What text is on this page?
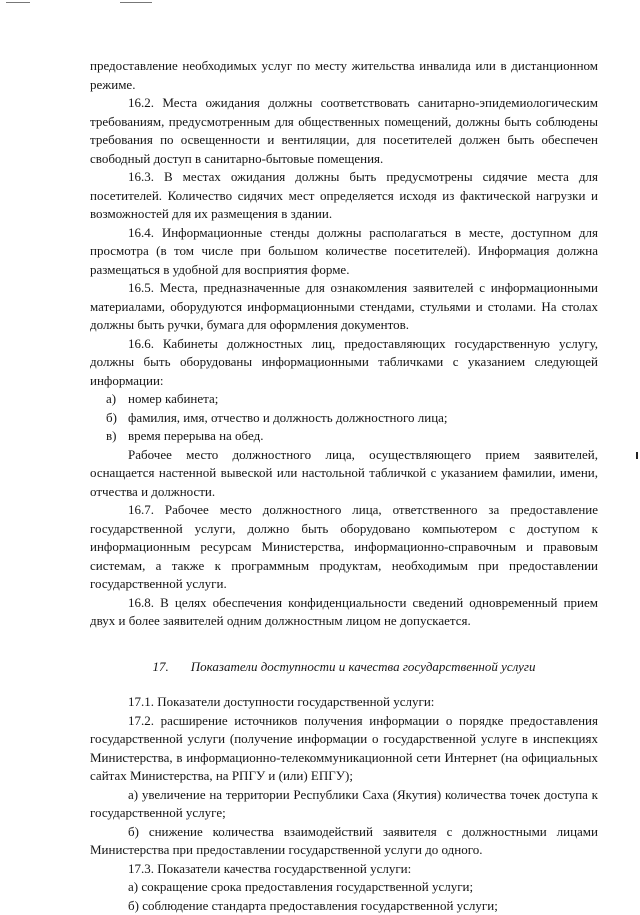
предоставление необходимых услуг по месту жительства инвалида или в дистанционном режиме.

16.2. Места ожидания должны соответствовать санитарно-эпидемиологическим требованиям, предусмотренным для общественных помещений, должны быть соблюдены требования по освещенности и вентиляции, для посетителей должен быть обеспечен свободный доступ в санитарно-бытовые помещения.

16.3. В местах ожидания должны быть предусмотрены сидячие места для посетителей. Количество сидячих мест определяется исходя из фактической нагрузки и возможностей для их размещения в здании.

16.4. Информационные стенды должны располагаться в месте, доступном для просмотра (в том числе при большом количестве посетителей). Информация должна размещаться в удобной для восприятия форме.

16.5. Места, предназначенные для ознакомления заявителей с информационными материалами, оборудуются информационными стендами, стульями и столами. На столах должны быть ручки, бумага для оформления документов.

16.6. Кабинеты должностных лиц, предоставляющих государственную услугу, должны быть оборудованы информационными табличками с указанием следующей информации:

а) номер кабинета;
б) фамилия, имя, отчество и должность должностного лица;
в) время перерыва на обед.

Рабочее место должностного лица, осуществляющего прием заявителей, оснащается настенной вывеской или настольной табличкой с указанием фамилии, имени, отчества и должности.

16.7. Рабочее место должностного лица, ответственного за предоставление государственной услуги, должно быть оборудовано компьютером с доступом к информационным ресурсам Министерства, информационно-справочным и правовым системам, а также к программным продуктам, необходимым при предоставлении государственной услуги.

16.8. В целях обеспечения конфиденциальности сведений одновременный прием двух и более заявителей одним должностным лицом не допускается.

17. Показатели доступности и качества государственной услуги

17.1. Показатели доступности государственной услуги:

17.2. расширение источников получения информации о порядке предоставления государственной услуги (получение информации о государственной услуге в инспекциях Министерства, в информационно-телекоммуникационной сети Интернет (на официальных сайтах Министерства, на РПГУ и (или) ЕПГУ);

а) увеличение на территории Республики Саха (Якутия) количества точек доступа к государственной услуге;

б) снижение количества взаимодействий заявителя с должностными лицами Министерства при предоставлении государственной услуги до одного.

17.3. Показатели качества государственной услуги:

а) сокращение срока предоставления государственной услуги;

б) соблюдение стандарта предоставления государственной услуги;
